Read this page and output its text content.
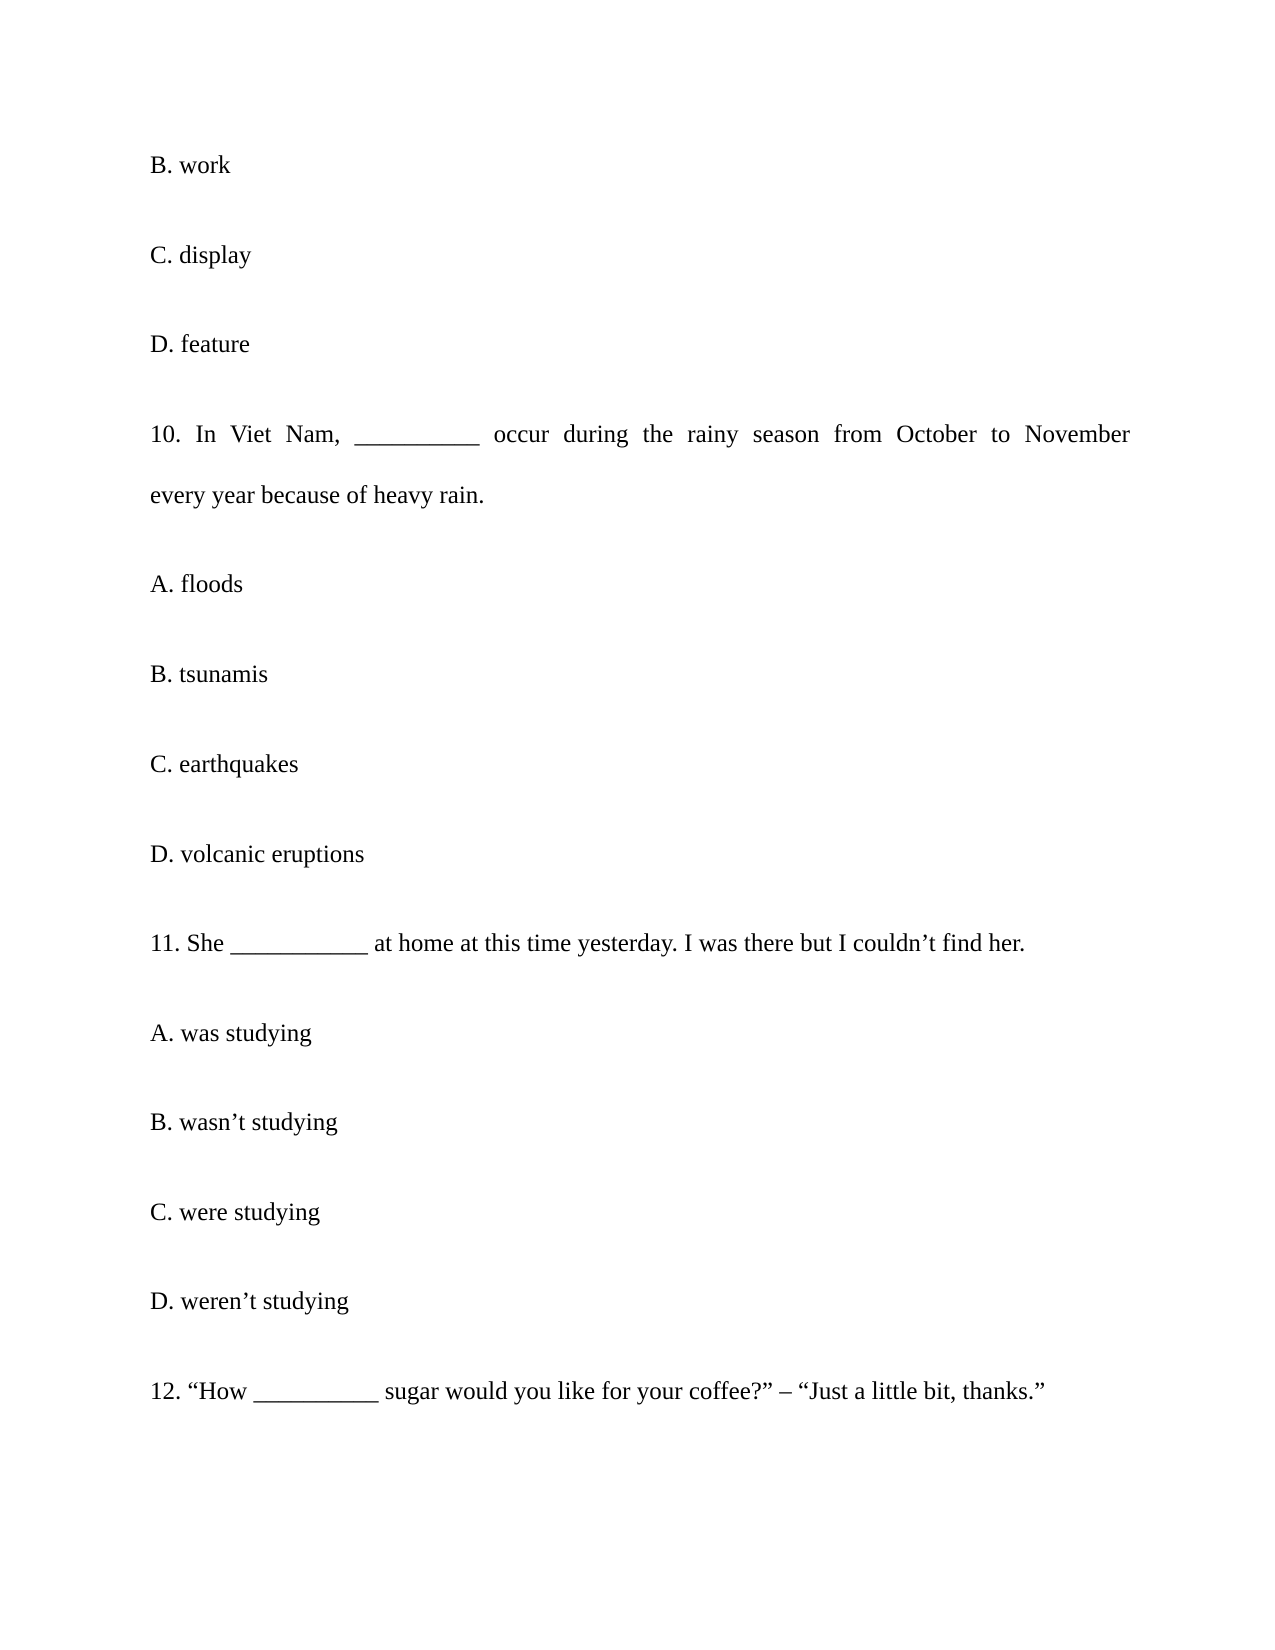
B. work

C. display

D. feature

10. In Viet Nam, __________ occur during the rainy season from October to November

every year because of heavy rain.

A. floods

B. tsunamis

C. earthquakes

D. volcanic eruptions

11. She ___________ at home at this time yesterday. I was there but I couldn’t find her.

A. was studying

B. wasn’t studying

C. were studying

D. weren’t studying

12. “How __________ sugar would you like for your coffee?” – “Just a little bit, thanks.”
